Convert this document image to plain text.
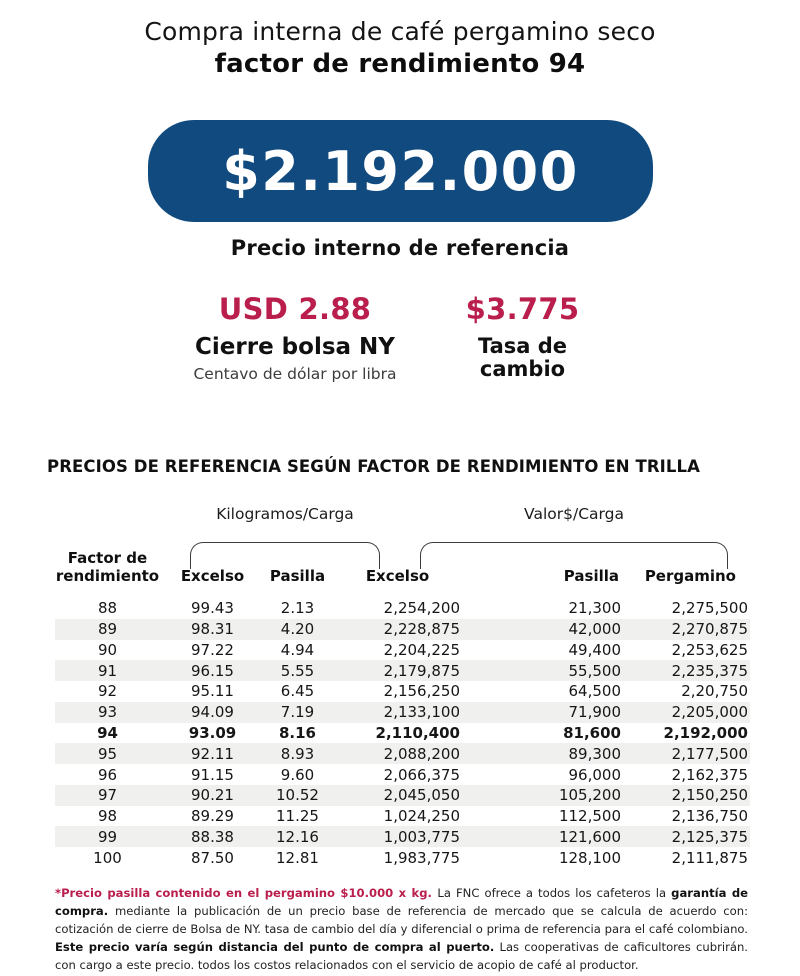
Compra interna de café pergamino seco
factor de rendimiento 94
$2.192.000
Precio interno de referencia
USD 2.88
Cierre bolsa NY
Centavo de dólar por libra
$3.775
Tasa de
cambio
PRECIOS DE REFERENCIA SEGÚN FACTOR DE RENDIMIENTO EN TRILLA
Kilogramos/Carga	Valor$/Carga
Factor de
rendimiento	Excelso	Pasilla	Excelso	Pasilla	Pergamino
88	99.43	2.13	2,254,200	21,300	2,275,500
89	98.31	4.20	2,228,875	42,000	2,270,875
90	97.22	4.94	2,204,225	49,400	2,253,625
91	96.15	5.55	2,179,875	55,500	2,235,375
92	95.11	6.45	2,156,250	64,500	2,20,750
93	94.09	7.19	2,133,100	71,900	2,205,000
94	93.09	8.16	2,110,400	81,600	2,192,000
95	92.11	8.93	2,088,200	89,300	2,177,500
96	91.15	9.60	2,066,375	96,000	2,162,375
97	90.21	10.52	2,045,050	105,200	2,150,250
98	89.29	11.25	1,024,250	112,500	2,136,750
99	88.38	12.16	1,003,775	121,600	2,125,375
100	87.50	12.81	1,983,775	128,100	2,111,875

*Precio pasilla contenido en el pergamino $10.000 x kg. La FNC ofrece a todos los cafeteros la garantía de compra. mediante la publicación de un precio base de referencia de mercado que se calcula de acuerdo con: cotización de cierre de Bolsa de NY. tasa de cambio del día y diferencial o prima de referencia para el café colombiano. Este precio varía según distancia del punto de compra al puerto. Las cooperativas de caficultores cubrirán. con cargo a este precio. todos los costos relacionados con el servicio de acopio de café al productor.
